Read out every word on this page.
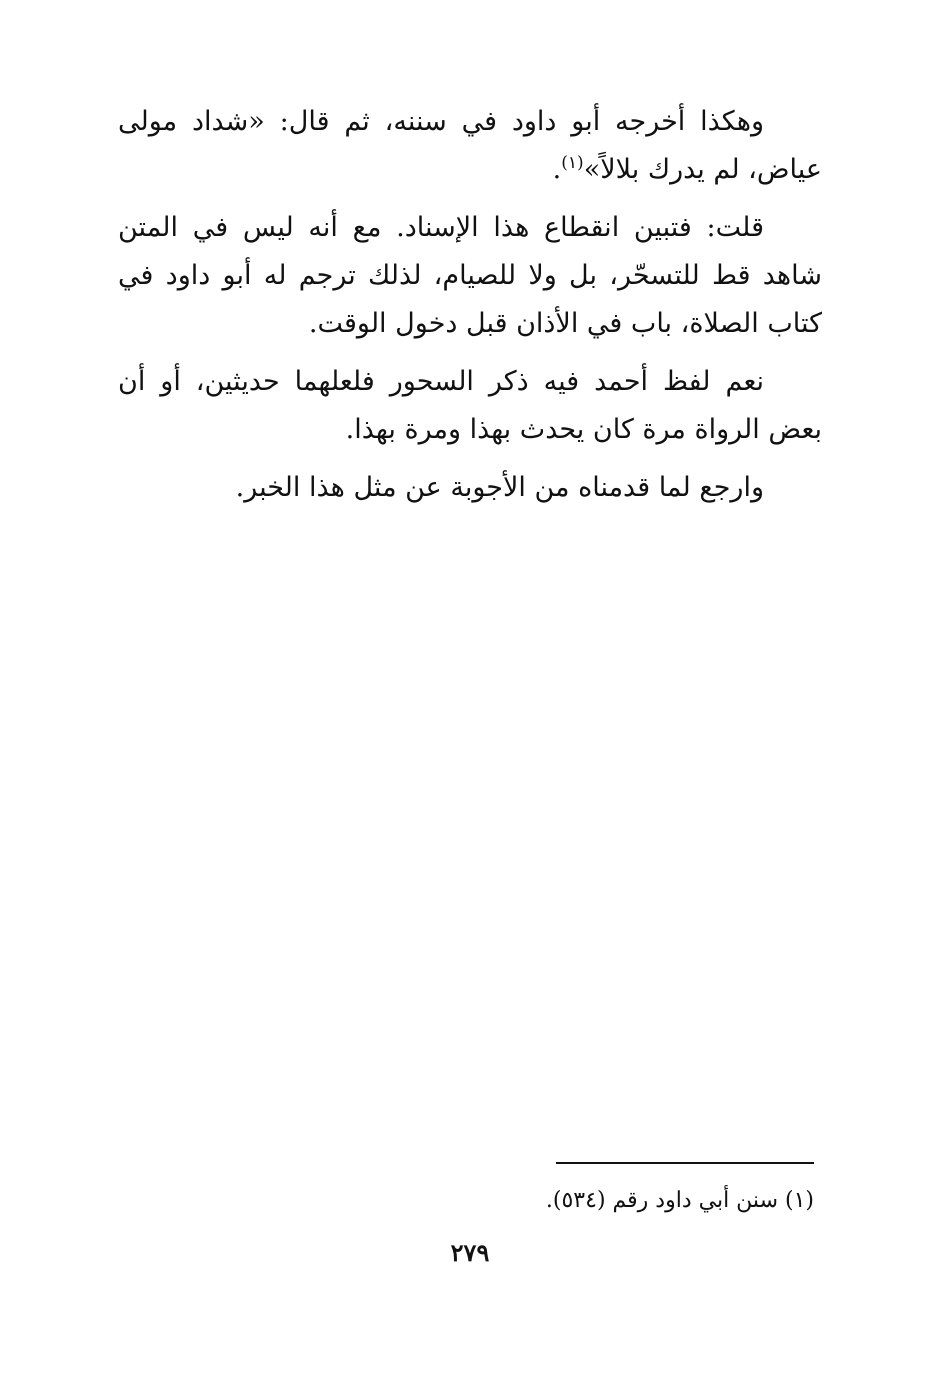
وهكذا أخرجه أبو داود في سننه، ثم قال: «شداد مولى عياض، لم يدرك بلالاً»$^{(١)}$.

قلت: فتبين انقطاع هذا الإسناد. مع أنه ليس في المتن شاهد قط للتسحّر، بل ولا للصيام، لذلك ترجم له أبو داود في كتاب الصلاة، باب في الأذان قبل دخول الوقت.

نعم لفظ أحمد فيه ذكر السحور فلعلهما حديثين، أو أن بعض الرواة مرة كان يحدث بهذا ومرة بهذا.

وارجع لما قدمناه من الأجوبة عن مثل هذا الخبر.

(١) سنن أبي داود رقم (٥٣٤).
٢٧٩
